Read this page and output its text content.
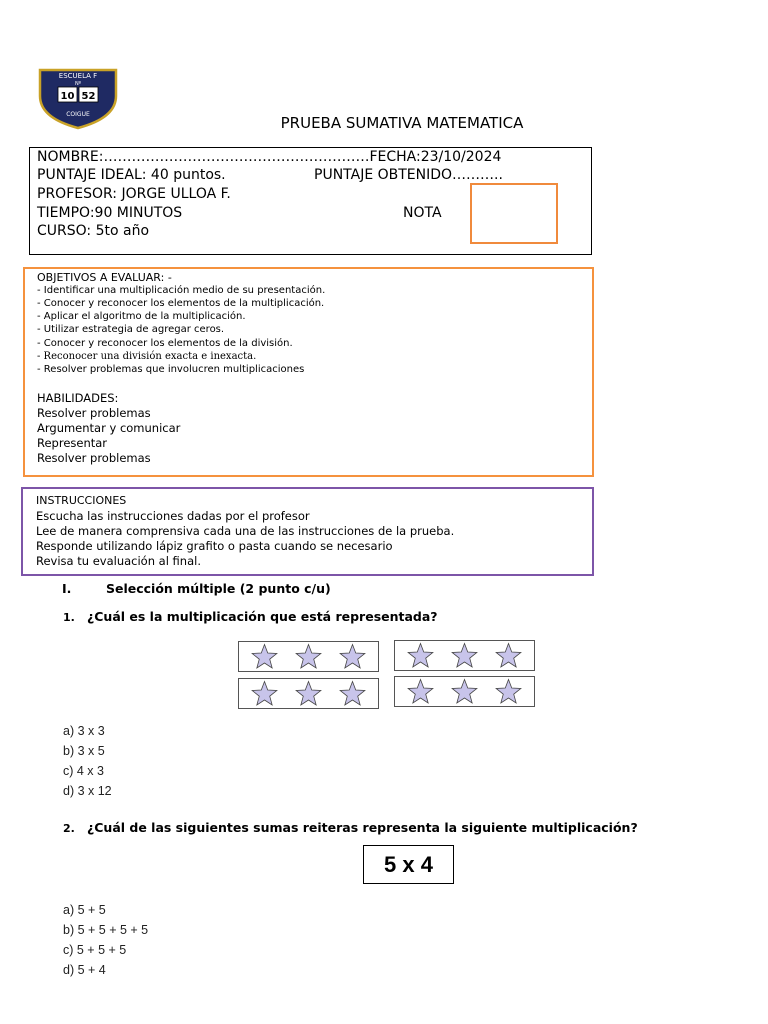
ESCUELA F
Nº
10 52
COIGUE	PRUEBA SUMATIVA MATEMATICA
NOMBRE:…………………………………………………FECHA:23/10/2024
PUNTAJE IDEAL: 40 puntos.	PUNTAJE OBTENIDO………..
PROFESOR: JORGE ULLOA F.
TIEMPO:90 MINUTOS	NOTA
CURSO: 5to año
OBJETIVOS A EVALUAR: -
- Identificar una multiplicación medio de su presentación.
- Conocer y reconocer los elementos de la multiplicación.
- Aplicar el algoritmo de la multiplicación.
- Utilizar estrategia de agregar ceros.
- Conocer y reconocer los elementos de la división.
- Reconocer una división exacta e inexacta.
- Resolver problemas que involucren multiplicaciones
HABILIDADES:
Resolver problemas
Argumentar y comunicar
Representar
Resolver problemas
INSTRUCCIONES
Escucha las instrucciones dadas por el profesor
Lee de manera comprensiva cada una de las instrucciones de la prueba.
Responde utilizando lápiz grafito o pasta cuando se necesario
Revisa tu evaluación al final.
I.	Selección múltiple (2 punto c/u)
1. ¿Cuál es la multiplicación que está representada?
a) 3 x 3
b) 3 x 5
c) 4 x 3
d) 3 x 12
2. ¿Cuál de las siguientes sumas reiteras representa la siguiente multiplicación?
5 x 4
a) 5 + 5
b) 5 + 5 + 5 + 5
c) 5 + 5 + 5
d) 5 + 4
